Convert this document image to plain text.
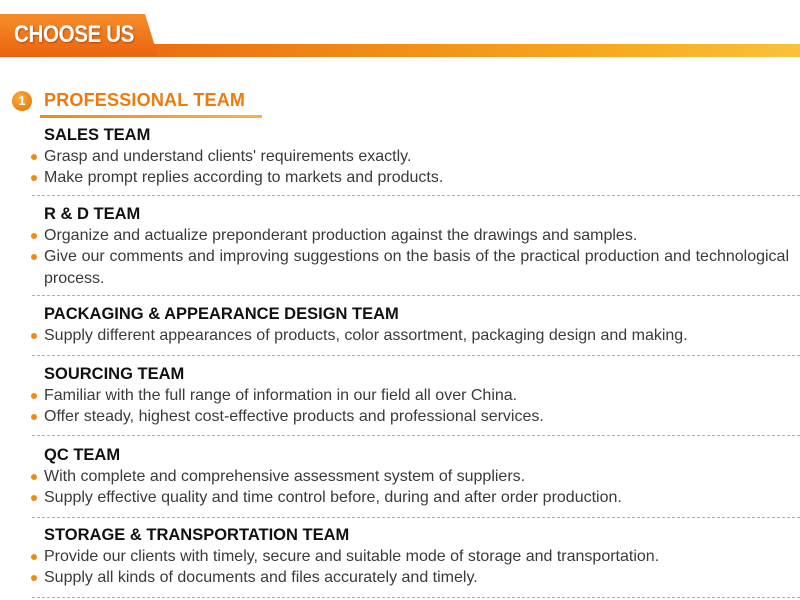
CHOOSE US
1	PROFESSIONAL TEAM
SALES TEAM
Grasp and understand clients' requirements exactly.
Make prompt replies according to markets and products.
R & D TEAM
Organize and actualize preponderant production against the drawings and samples.
Give our comments and improving suggestions on the basis of the practical production and technological process.
PACKAGING & APPEARANCE DESIGN TEAM
Supply different appearances of products, color assortment, packaging design and making.
SOURCING TEAM
Familiar with the full range of information in our field all over China.
Offer steady, highest cost-effective products and professional services.
QC TEAM
With complete and comprehensive assessment system of suppliers.
Supply effective quality and time control before, during and after order production.
STORAGE & TRANSPORTATION TEAM
Provide our clients with timely, secure and suitable mode of storage and transportation.
Supply all kinds of documents and files accurately and timely.
